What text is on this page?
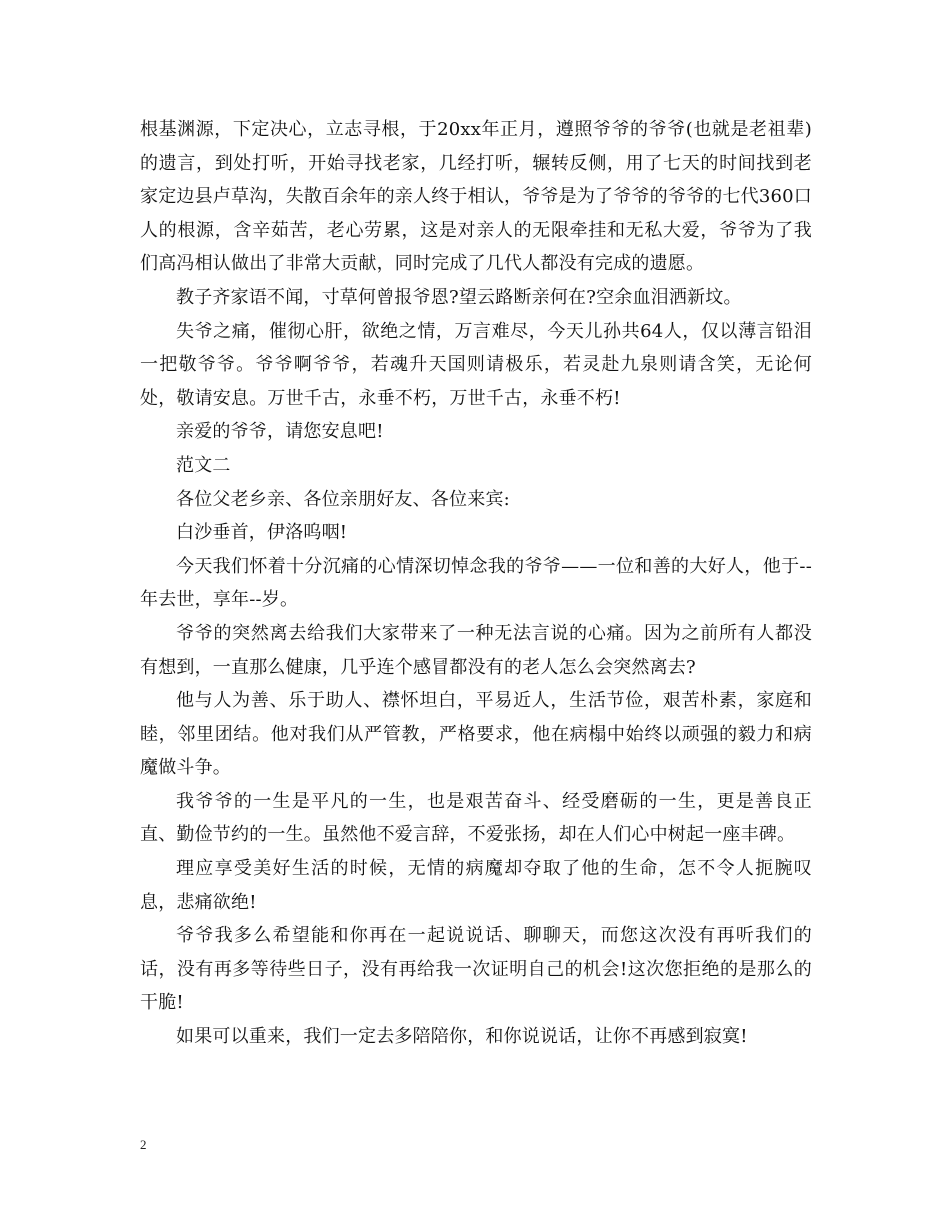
根基渊源，下定决心，立志寻根，于20xx年正月，遵照爷爷的爷爷(也就是老祖辈)的遗言，到处打听，开始寻找老家，几经打听，辗转反侧，用了七天的时间找到老家定边县卢草沟，失散百余年的亲人终于相认，爷爷是为了爷爷的爷爷的七代360口人的根源，含辛茹苦，老心劳累，这是对亲人的无限牵挂和无私大爱，爷爷为了我们高冯相认做出了非常大贡献，同时完成了几代人都没有完成的遗愿。

教子齐家语不闻，寸草何曾报爷恩?望云路断亲何在?空余血泪洒新坟。

失爷之痛，催彻心肝，欲绝之情，万言难尽，今天儿孙共64人，仅以薄言铅泪一把敬爷爷。爷爷啊爷爷，若魂升天国则请极乐，若灵赴九泉则请含笑，无论何处，敬请安息。万世千古，永垂不朽，万世千古，永垂不朽!

亲爱的爷爷，请您安息吧!

范文二

各位父老乡亲、各位亲朋好友、各位来宾:

白沙垂首，伊洛呜咽!

今天我们怀着十分沉痛的心情深切悼念我的爷爷——一位和善的大好人，他于--年去世，享年--岁。

爷爷的突然离去给我们大家带来了一种无法言说的心痛。因为之前所有人都没有想到，一直那么健康，几乎连个感冒都没有的老人怎么会突然离去?

他与人为善、乐于助人、襟怀坦白，平易近人，生活节俭，艰苦朴素，家庭和睦，邻里团结。他对我们从严管教，严格要求，他在病榻中始终以顽强的毅力和病魔做斗争。

我爷爷的一生是平凡的一生，也是艰苦奋斗、经受磨砺的一生，更是善良正直、勤俭节约的一生。虽然他不爱言辞，不爱张扬，却在人们心中树起一座丰碑。

理应享受美好生活的时候，无情的病魔却夺取了他的生命，怎不令人扼腕叹息，悲痛欲绝!

爷爷我多么希望能和你再在一起说说话、聊聊天，而您这次没有再听我们的话，没有再多等待些日子，没有再给我一次证明自己的机会!这次您拒绝的是那么的干脆!

如果可以重来，我们一定去多陪陪你，和你说说话，让你不再感到寂寞!

2
